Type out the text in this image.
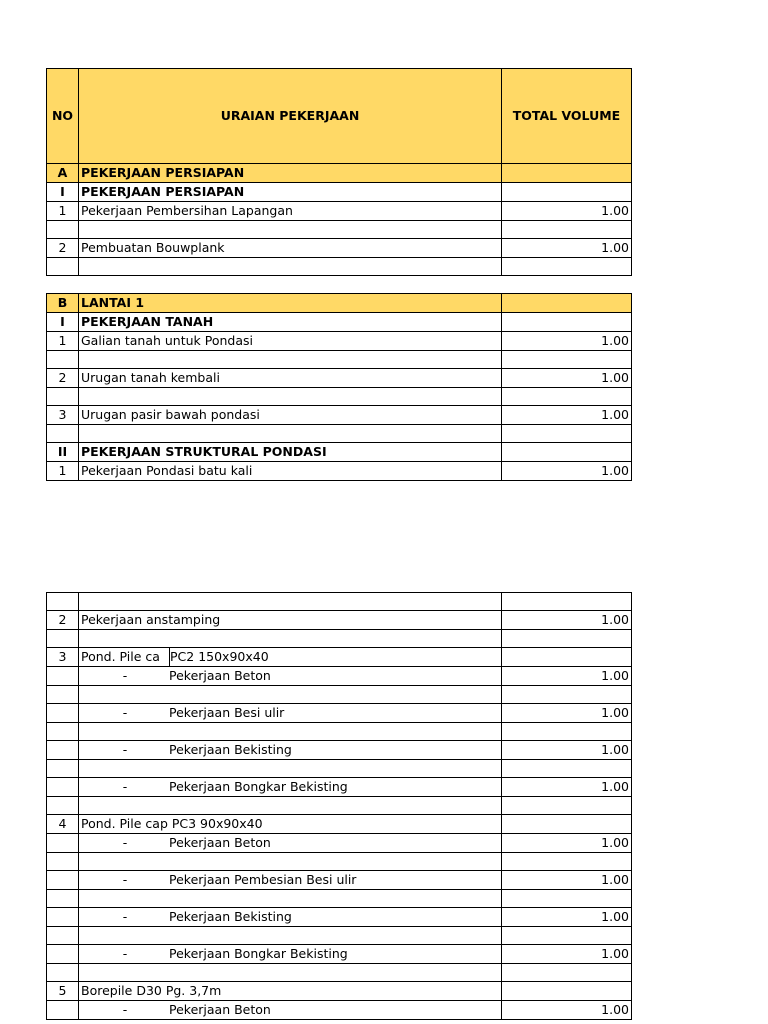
NO	URAIAN PEKERJAAN	TOTAL VOLUME
A	PEKERJAAN PERSIAPAN	
I	PEKERJAAN PERSIAPAN	
1	Pekerjaan Pembersihan Lapangan	1.00

2	Pembuatan Bouwplank	1.00

B	LANTAI 1	
I	PEKERJAAN TANAH	
1	Galian tanah untuk Pondasi	1.00

2	Urugan tanah kembali	1.00

3	Urugan pasir bawah pondasi	1.00

II	PEKERJAAN STRUKTURAL PONDASI	
1	Pekerjaan Pondasi batu kali	1.00

2	Pekerjaan anstamping	1.00

3	Pond. Pile ca PC2 150x90x40	
	- Pekerjaan Beton	1.00

	- Pekerjaan Besi ulir	1.00

	- Pekerjaan Bekisting	1.00

	- Pekerjaan Bongkar Bekisting	1.00

4	Pond. Pile cap PC3 90x90x40	
	- Pekerjaan Beton	1.00

	- Pekerjaan Pembesian Besi ulir	1.00

	- Pekerjaan Bekisting	1.00

	- Pekerjaan Bongkar Bekisting	1.00

5	Borepile D30 Pg. 3,7m	
	- Pekerjaan Beton	1.00
